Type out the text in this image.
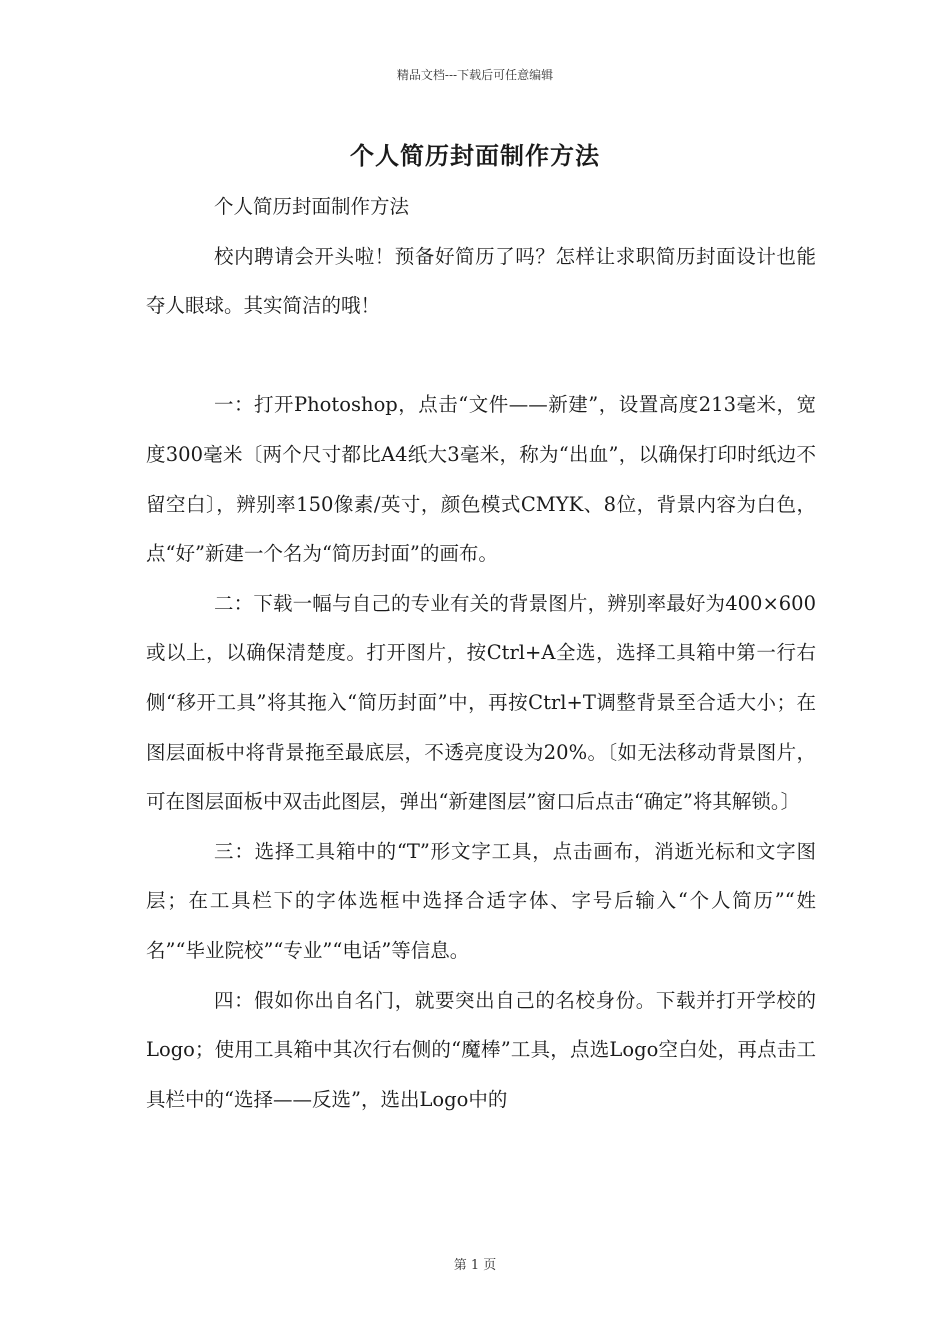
精品文档---下载后可任意编辑
个人简历封面制作方法

个人简历封面制作方法

校内聘请会开头啦！预备好简历了吗？怎样让求职简历封面设计也能夺人眼球。其实简洁的哦！

一：打开Photoshop，点击“文件——新建”，设置高度213毫米，宽度300毫米〔两个尺寸都比A4纸大3毫米，称为“出血”，以确保打印时纸边不留空白〕，辨别率150像素/英寸，颜色模式CMYK、8位，背景内容为白色，点“好”新建一个名为“简历封面”的画布。

二：下载一幅与自己的专业有关的背景图片，辨别率最好为400×600或以上，以确保清楚度。打开图片，按Ctrl+A全选，选择工具箱中第一行右侧“移开工具”将其拖入“简历封面”中，再按Ctrl+T调整背景至合适大小；在图层面板中将背景拖至最底层，不透亮度设为20%。〔如无法移动背景图片，可在图层面板中双击此图层，弹出“新建图层”窗口后点击“确定”将其解锁。〕

三：选择工具箱中的“T”形文字工具，点击画布，消逝光标和文字图层；在工具栏下的字体选框中选择合适字体、字号后输入“个人简历”“姓名”“毕业院校”“专业”“电话”等信息。

四：假如你出自名门，就要突出自己的名校身份。下载并打开学校的Logo；使用工具箱中其次行右侧的“魔棒”工具，点选Logo空白处，再点击工具栏中的“选择——反选”，选出Logo中的

第 1 页
